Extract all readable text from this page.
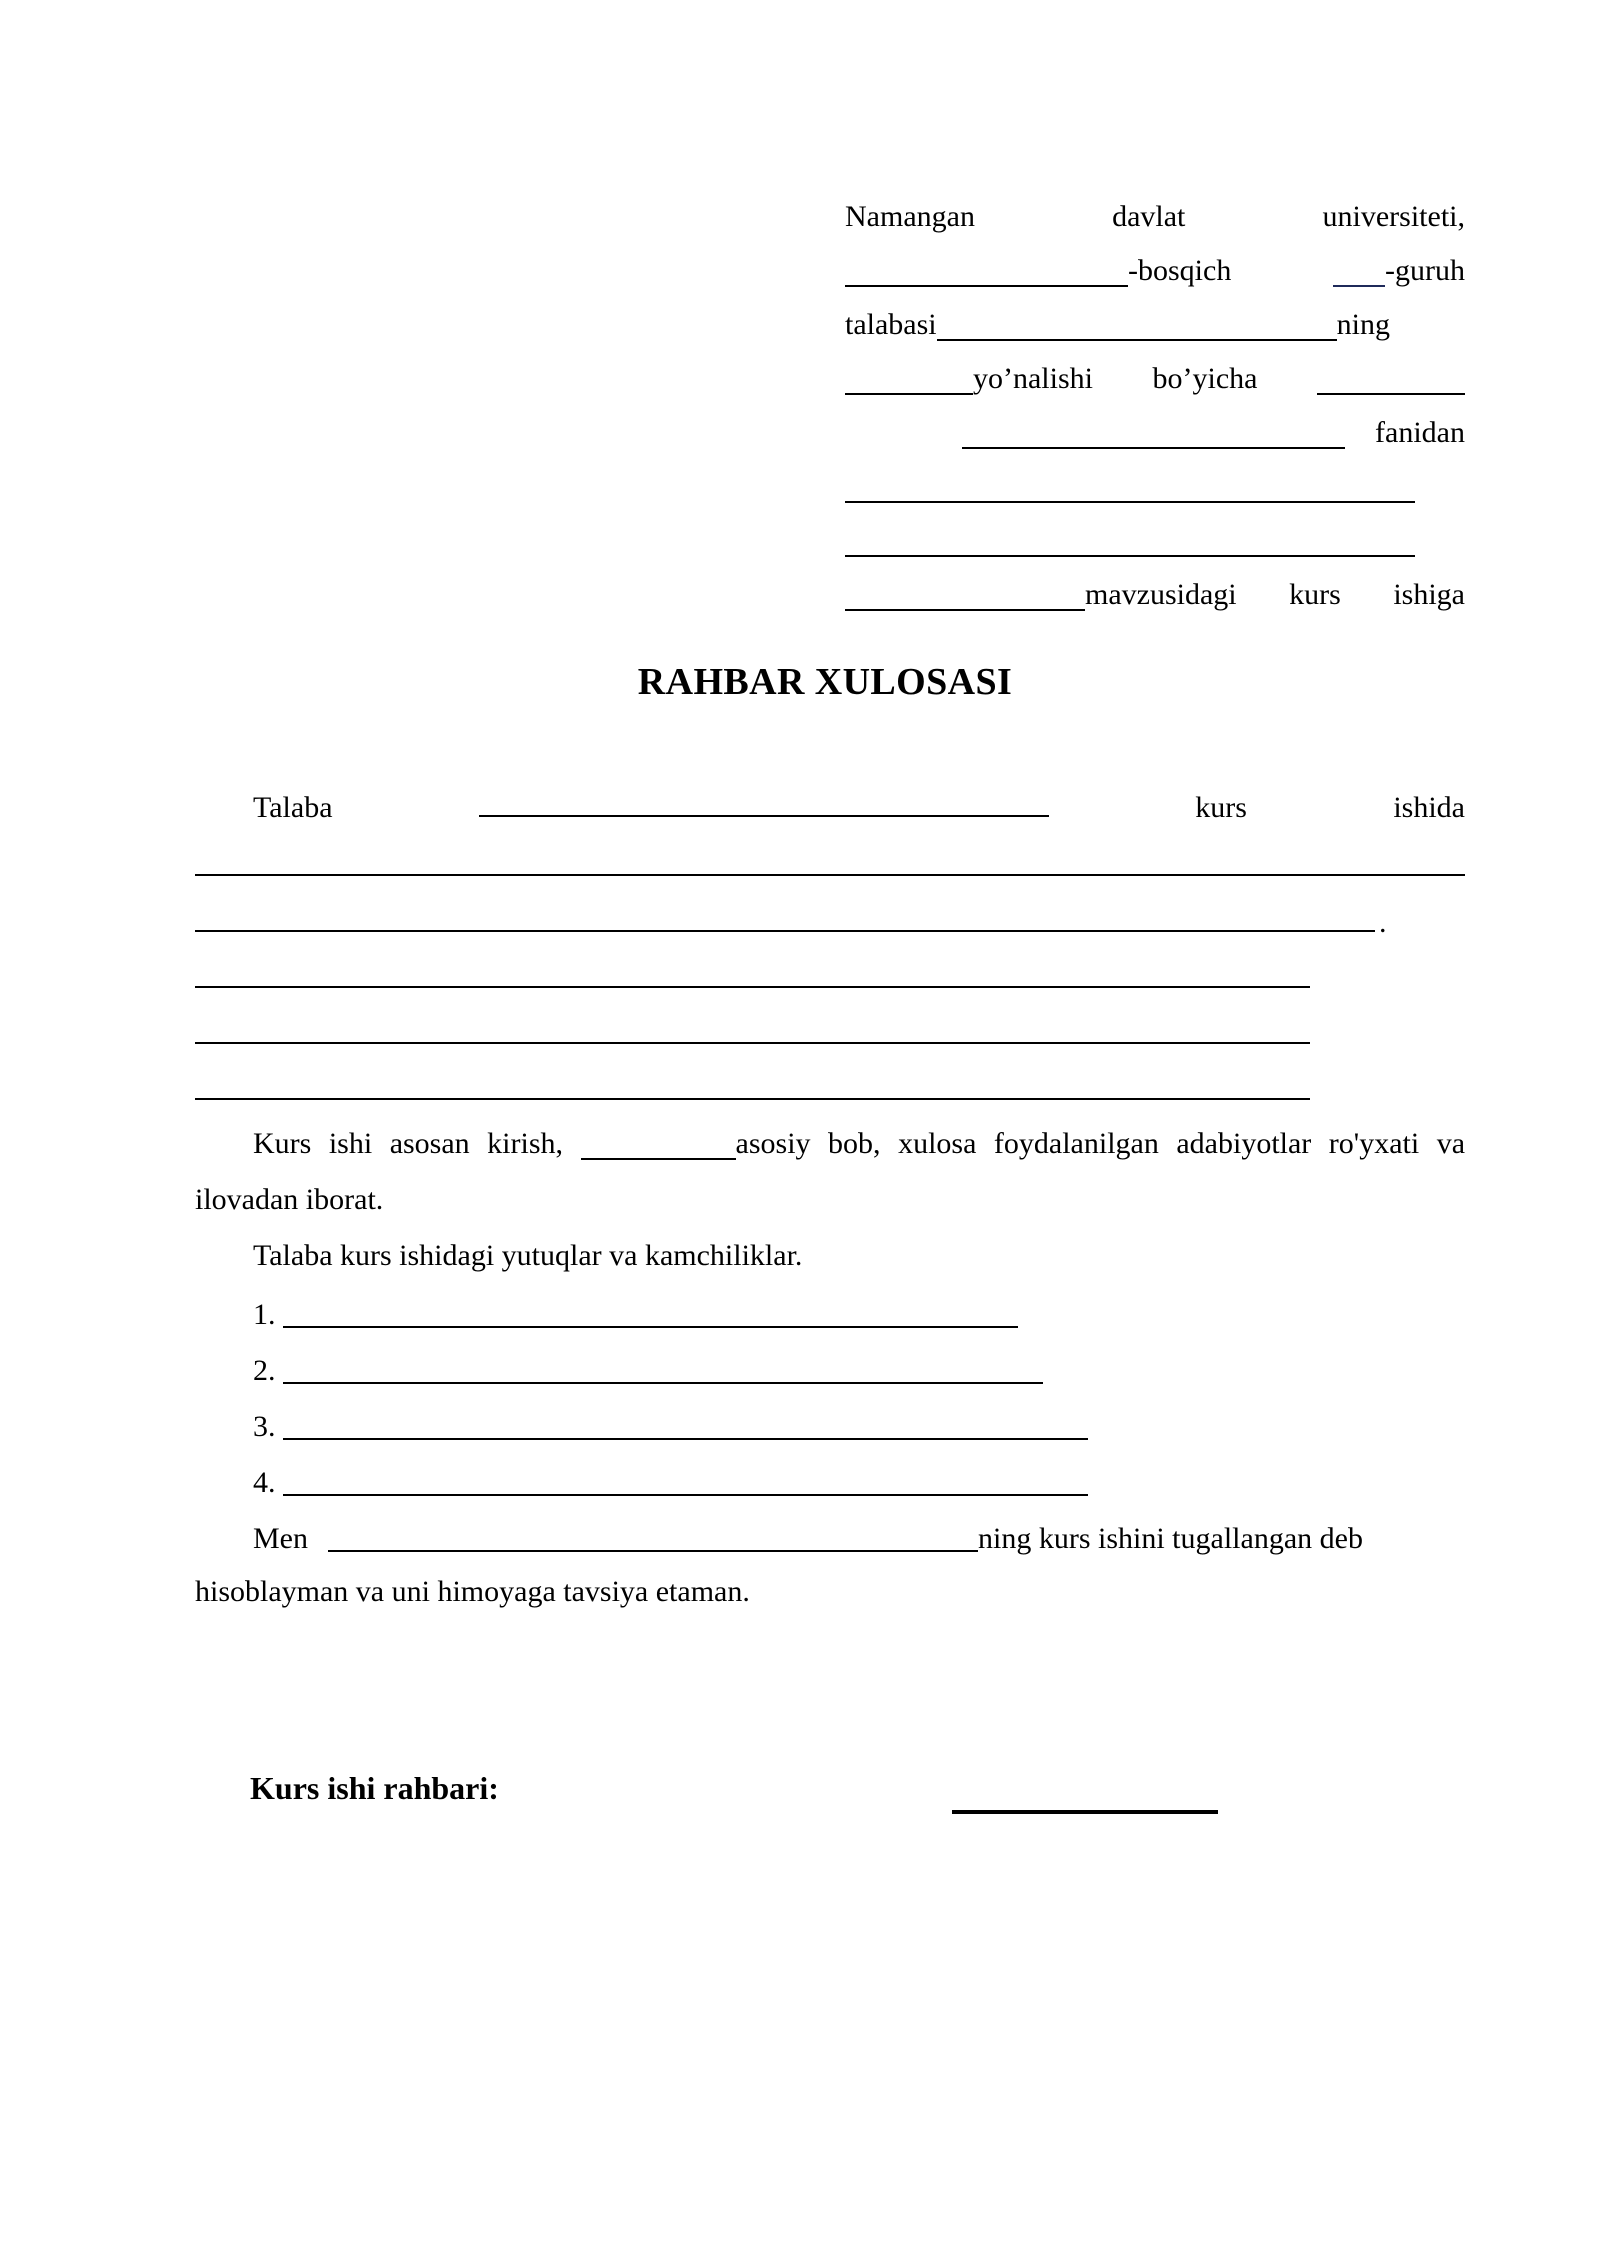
Namangan	davlat	universiteti,
-bosqich	-guruh
talabasi	ning
yo’nalishi bo’yicha
fanidan
mavzusidagi kurs ishiga
RAHBAR XULOSASI
Talaba	kurs	ishida
.

Kurs ishi asosan kirish,	asosiy bob, xulosa foydalanilgan adabiyotlar ro'yxati va ilovadan iborat.

Talaba kurs ishidagi yutuqlar va kamchiliklar.

1.
2.
3.
4.
Men	ning kurs ishini tugallangan deb

hisoblayman va uni himoyaga tavsiya etaman.

Kurs ishi rahbari:
